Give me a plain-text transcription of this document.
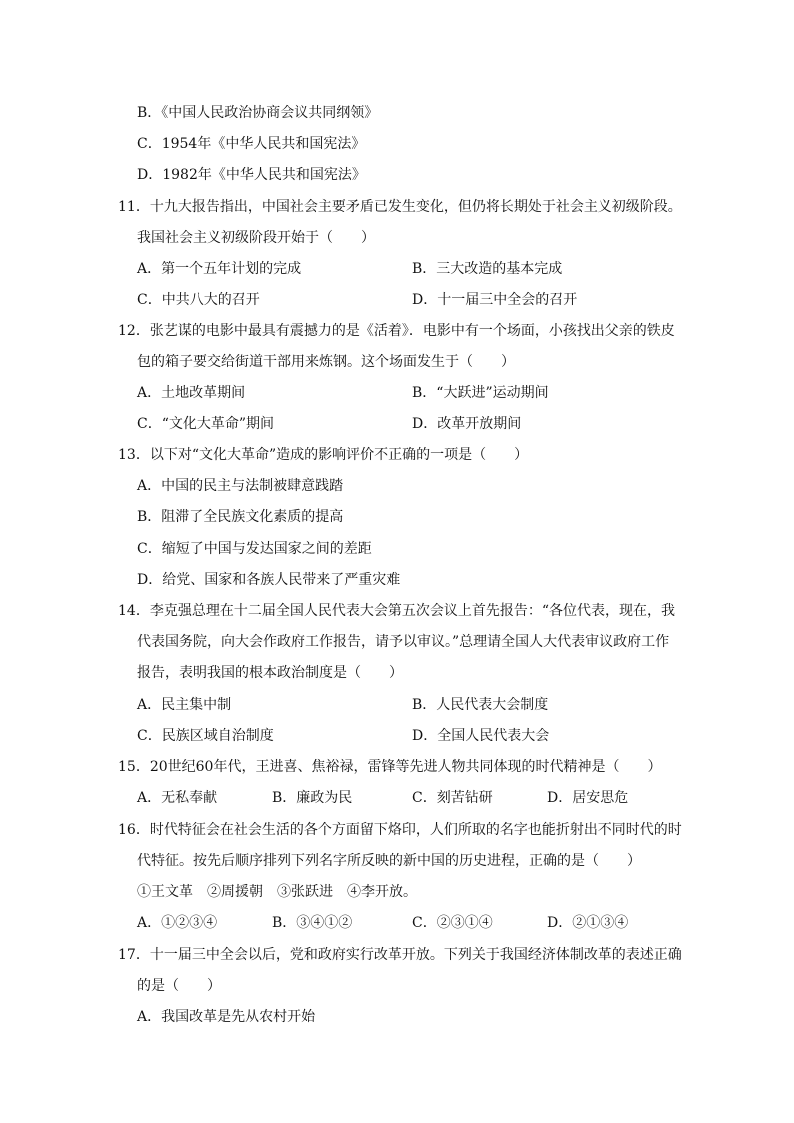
B．《中国人民政治协商会议共同纲领》
C．1954年《中华人民共和国宪法》
D．1982年《中华人民共和国宪法》
11．十九大报告指出，中国社会主要矛盾已发生变化，但仍将长期处于社会主义初级阶段。
我国社会主义初级阶段开始于（　　）
A．第一个五年计划的完成	B．三大改造的基本完成
C．中共八大的召开	D．十一届三中全会的召开
12．张艺谋的电影中最具有震撼力的是《活着》．电影中有一个场面，小孩找出父亲的铁皮
包的箱子要交给街道干部用来炼钢。这个场面发生于（　　）
A．土地改革期间	B．“大跃进”运动期间
C．“文化大革命”期间	D．改革开放期间
13．以下对“文化大革命”造成的影响评价不正确的一项是（　　）
A．中国的民主与法制被肆意践踏
B．阻滞了全民族文化素质的提高
C．缩短了中国与发达国家之间的差距
D．给党、国家和各族人民带来了严重灾难
14．李克强总理在十二届全国人民代表大会第五次会议上首先报告：“各位代表，现在，我
代表国务院，向大会作政府工作报告，请予以审议。”总理请全国人大代表审议政府工作
报告，表明我国的根本政治制度是（　　）
A．民主集中制	B．人民代表大会制度
C．民族区域自治制度	D．全国人民代表大会
15．20世纪60年代，王进喜、焦裕禄，雷锋等先进人物共同体现的时代精神是（　　）
A．无私奉献	B．廉政为民	C．刻苦钻研	D．居安思危
16．时代特征会在社会生活的各个方面留下烙印，人们所取的名字也能折射出不同时代的时
代特征。按先后顺序排列下列名字所反映的新中国的历史进程，正确的是（　　）
①王文革　②周援朝　③张跃进　④李开放。
A．①②③④	B．③④①②	C．②③①④	D．②①③④
17．十一届三中全会以后，党和政府实行改革开放。下列关于我国经济体制改革的表述正确
的是（　　）
A．我国改革是先从农村开始
